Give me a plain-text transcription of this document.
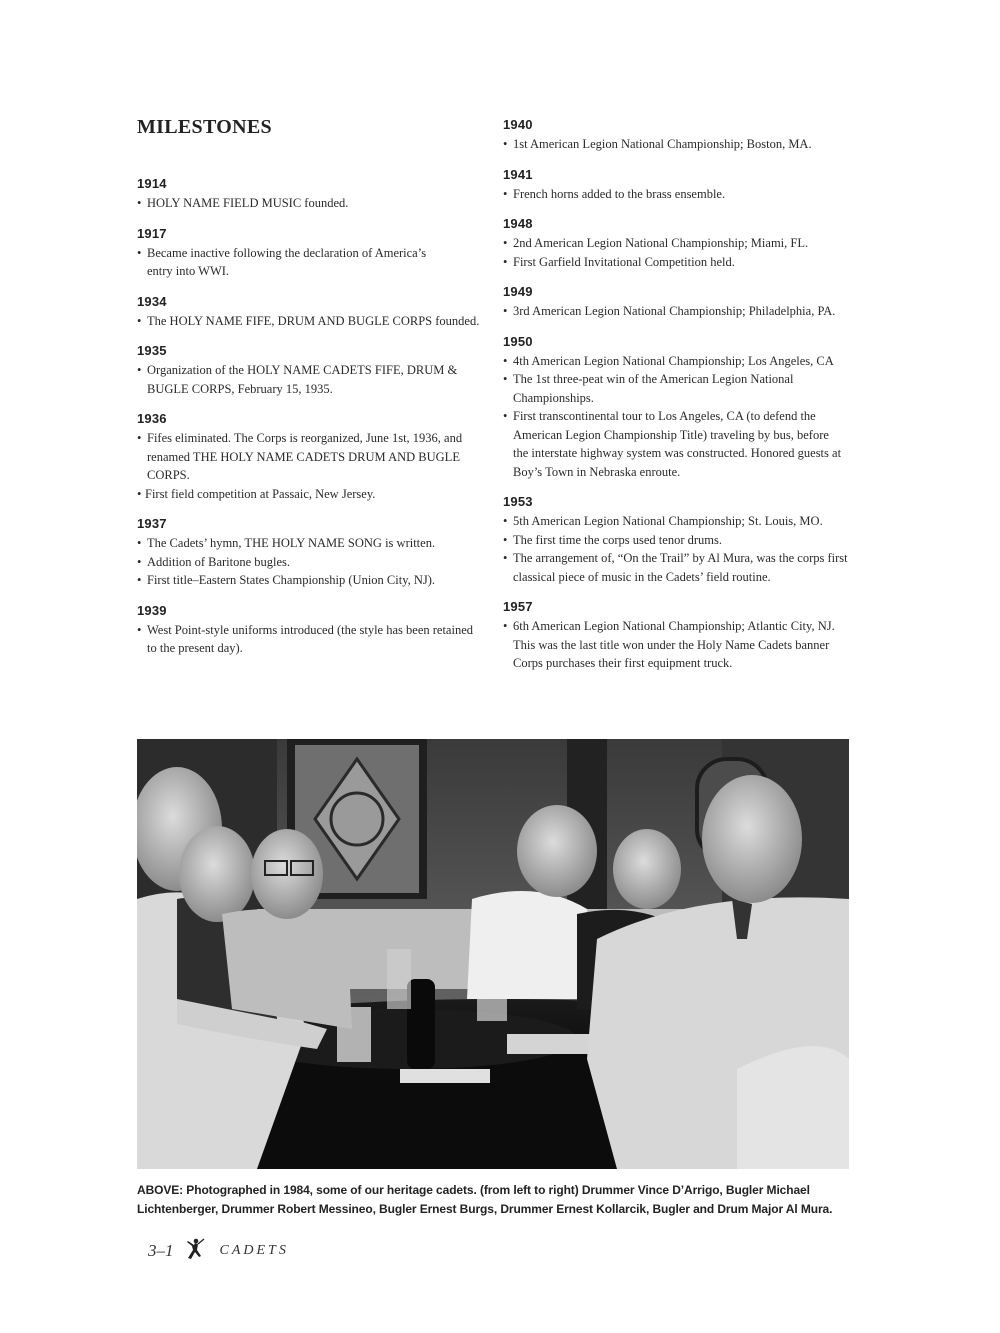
MILESTONES
1914

• HOLY NAME FIELD MUSIC founded.

1917

• Became inactive following the declaration of America’s entry into WWI.

1934

• The HOLY NAME FIFE, DRUM AND BUGLE CORPS founded.

1935

• Organization of the HOLY NAME CADETS FIFE, DRUM & BUGLE CORPS, February 15, 1935.

1936

• Fifes eliminated. The Corps is reorganized, June 1st, 1936, and renamed THE HOLY NAME CADETS DRUM AND BUGLE CORPS.

• First field competition at Passaic, New Jersey.

1937

• The Cadets’ hymn, THE HOLY NAME SONG is written.

• Addition of Baritone bugles.

• First title–Eastern States Championship (Union City, NJ).

1939

• West Point-style uniforms introduced (the style has been retained to the present day).

1940

• 1st American Legion National Championship; Boston, MA.

1941

• French horns added to the brass ensemble.

1948

• 2nd American Legion National Championship; Miami, FL.

• First Garfield Invitational Competition held.

1949

• 3rd American Legion National Championship; Philadelphia, PA.

1950

• 4th American Legion National Championship; Los Angeles, CA

• The 1st three-peat win of the American Legion National Championships.

• First transcontinental tour to Los Angeles, CA (to defend the American Legion Championship Title) traveling by bus, before the interstate highway system was constructed. Honored guests at Boy’s Town in Nebraska enroute.

1953

• 5th American Legion National Championship; St. Louis, MO.

• The first time the corps used tenor drums.

• The arrangement of, “On the Trail” by Al Mura, was the corps first classical piece of music in the Cadets’ field routine.

1957

• 6th American Legion National Championship; Atlantic City, NJ. This was the last title won under the Holy Name Cadets banner Corps purchases their first equipment truck.

ABOVE: Photographed in 1984, some of our heritage cadets. (from left to right) Drummer Vince D’Arrigo, Bugler Michael Lichtenberger, Drummer Robert Messineo, Bugler Ernest Burgs, Drummer Ernest Kollarcik, Bugler and Drum Major Al Mura.
3–1	CADETS
